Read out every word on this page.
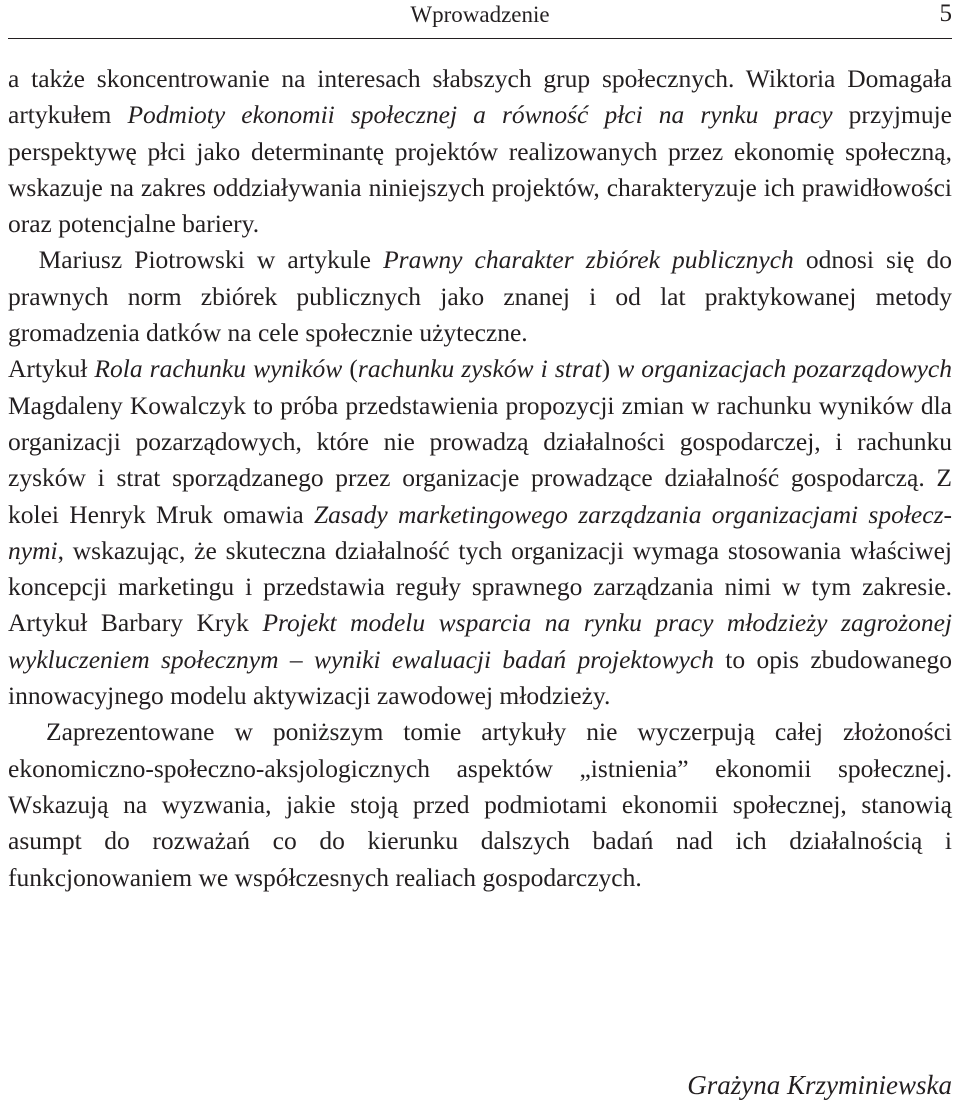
Wprowadzenie	5

a także skoncentrowanie na interesach słabszych grup społecznych. Wiktoria Domagała artykułem Podmioty ekonomii społecznej a równość płci na rynku pracy przyjmuje perspektywę płci jako determinantę projektów realizowanych przez ekonomię społeczną, wskazuje na zakres oddziaływania niniejszych projektów, charakteryzuje ich prawidłowości oraz potencjalne bariery.
  Mariusz Piotrowski w artykule Prawny charakter zbiórek publicznych odnosi się do prawnych norm zbiórek publicznych jako znanej i od lat praktykowanej metody gromadzenia datków na cele społecznie użyteczne.
Artykuł Rola rachunku wyników (rachunku zysków i strat) w organizacjach pozarządowych Magdaleny Kowalczyk to próba przedstawienia propozycji zmian w rachunku wyników dla organizacji pozarządowych, które nie prowadzą działalności gospodarczej, i rachunku zysków i strat sporządzanego przez organizacje prowadzące działalność gospodarczą. Z kolei Henryk Mruk omawia Zasady marketingowego zarządzania organizacjami społecznymi, wskazując, że skuteczna działalność tych organizacji wymaga stosowania właściwej koncepcji marketingu i przedstawia reguły sprawnego zarządzania nimi w tym zakresie. Artykuł Barbary Kryk Projekt modelu wsparcia na rynku pracy młodzieży zagrożonej wykluczeniem społecznym – wyniki ewaluacji badań projektowych to opis zbudowanego innowacyjnego modelu aktywizacji zawodowej młodzieży.

Zaprezentowane w poniższym tomie artykuły nie wyczerpują całej złożoności ekonomiczno-społeczno-aksjologicznych aspektów „istnienia” ekonomii społecznej. Wskazują na wyzwania, jakie stoją przed podmiotami ekonomii społecznej, stanowią asumpt do rozważań co do kierunku dalszych badań nad ich działalnością i funkcjonowaniem we współczesnych realiach gospodarczych.

Grażyna Krzyminiewska
